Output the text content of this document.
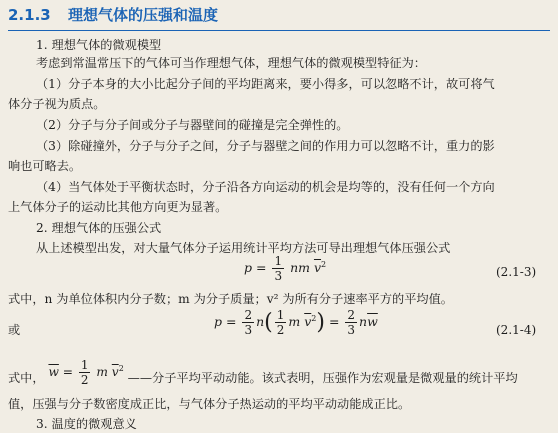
2.1.3 理想气体的压强和温度
1. 理想气体的微观模型
考虑到常温常压下的气体可当作理想气体，理想气体的微观模型特征为：
（1）分子本身的大小比起分子间的平均距离来，要小得多，可以忽略不计，故可将气
体分子视为质点。
（2）分子与分子间或分子与器壁间的碰撞是完全弹性的。
（3）除碰撞外，分子与分子之间，分子与器壁之间的作用力可以忽略不计，重力的影
响也可略去。
（4）当气体处于平衡状态时，分子沿各方向运动的机会是均等的，没有任何一个方向
上气体分子的运动比其他方向更为显著。
2. 理想气体的压强公式
从上述模型出发，对大量气体分子运用统计平均方法可导出理想气体压强公式
$p = \frac{1}{3}$ nm $\overline{v}^2$
(2.1-3)
式中，n 为单位体积内分子数；m 为分子质量；v² 为所有分子速率平方的平均值。
或
$p = \frac{2}{3} n( \frac{1}{2}$ m $\overline{v}^2) = \frac{2}{3} n\overline{w}$
(2.1-4)
式中， $\overline{w} = \frac{1}{2}$ m $\overline{v}^2$ ——分子平均平动动能。该式表明，压强作为宏观量是微观量的统计平均
值，压强与分子数密度成正比，与气体分子热运动的平均平动动能成正比。
3. 温度的微观意义
